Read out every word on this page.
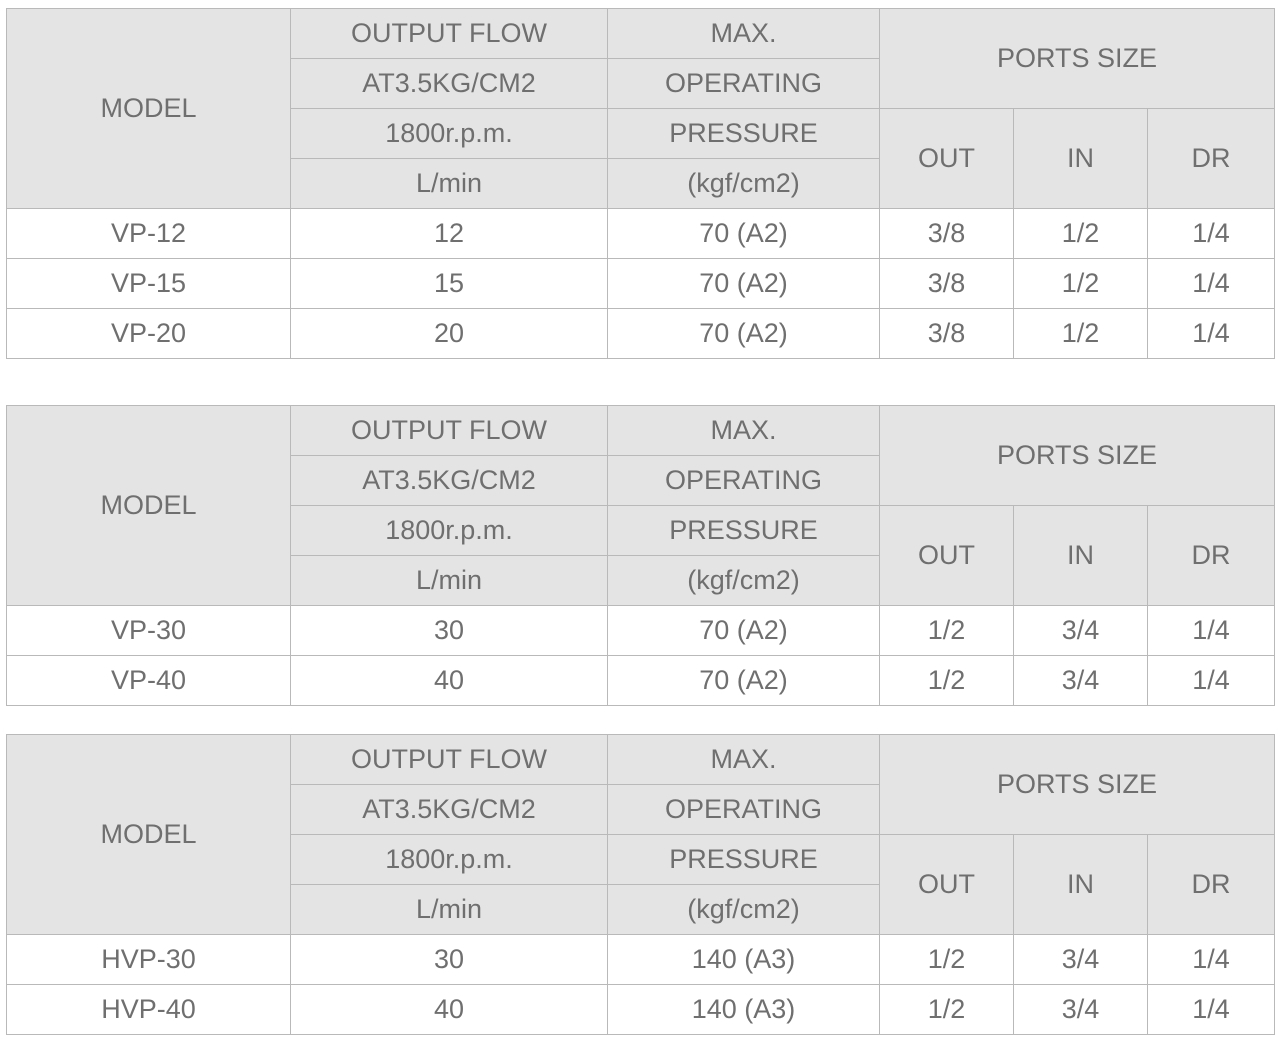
MODEL	OUTPUT FLOW	MAX.	PORTS SIZE		
	AT3.5KG/CM2	OPERATING			
	1800r.p.m.	PRESSURE	OUT	IN	DR
	L/min	(kgf/cm2)			
VP-12	12	70 (A2)	3/8	1/2	1/4
VP-15	15	70 (A2)	3/8	1/2	1/4
VP-20	20	70 (A2)	3/8	1/2	1/4
MODEL	OUTPUT FLOW	MAX.	PORTS SIZE		
	AT3.5KG/CM2	OPERATING			
	1800r.p.m.	PRESSURE	OUT	IN	DR
	L/min	(kgf/cm2)			
VP-30	30	70 (A2)	1/2	3/4	1/4
VP-40	40	70 (A2)	1/2	3/4	1/4
MODEL	OUTPUT FLOW	MAX.	PORTS SIZE		
	AT3.5KG/CM2	OPERATING			
	1800r.p.m.	PRESSURE	OUT	IN	DR
	L/min	(kgf/cm2)			
HVP-30	30	140 (A3)	1/2	3/4	1/4
HVP-40	40	140 (A3)	1/2	3/4	1/4
